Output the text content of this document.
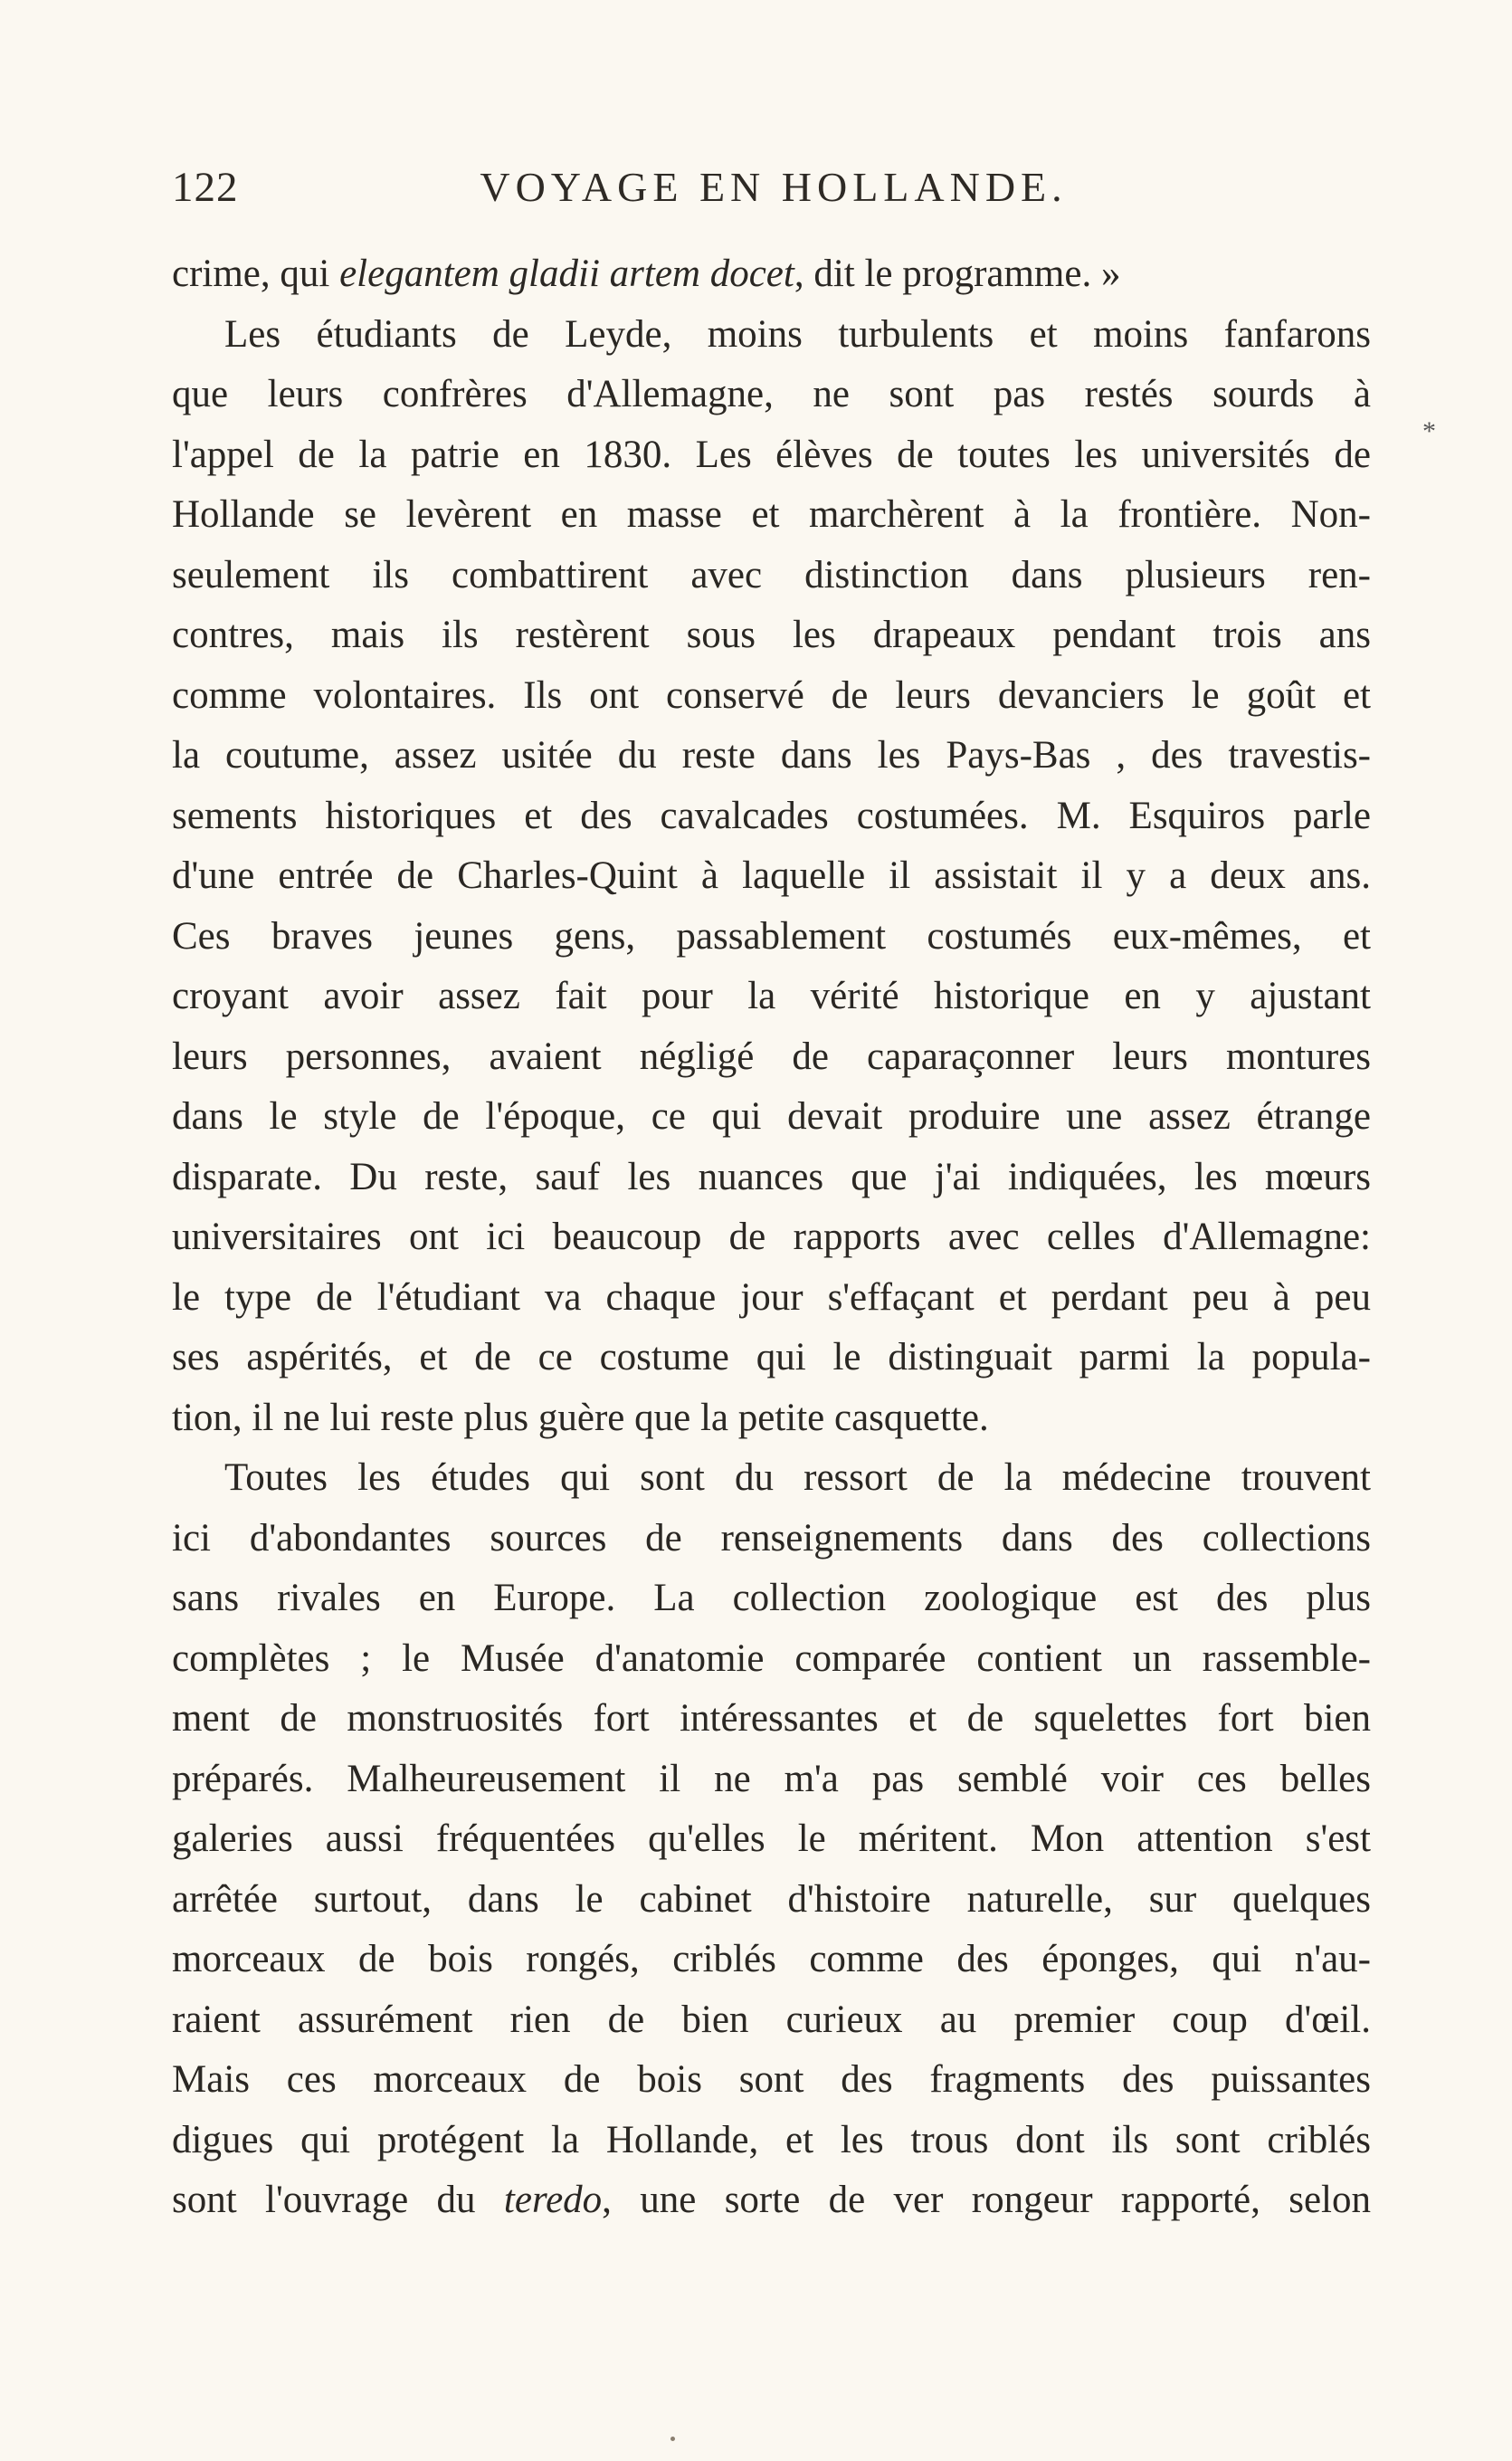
122	VOYAGE EN HOLLANDE.
*
crime, qui elegantem gladii artem docet, dit le programme. »
Les étudiants de Leyde, moins turbulents et moins fanfarons
que leurs confrères d'Allemagne, ne sont pas restés sourds à
l'appel de la patrie en 1830. Les élèves de toutes les universités de
Hollande se levèrent en masse et marchèrent à la frontière. Non-
seulement ils combattirent avec distinction dans plusieurs ren-
contres, mais ils restèrent sous les drapeaux pendant trois ans
comme volontaires. Ils ont conservé de leurs devanciers le goût et
la coutume, assez usitée du reste dans les Pays-Bas , des travestis-
sements historiques et des cavalcades costumées. M. Esquiros parle
d'une entrée de Charles-Quint à laquelle il assistait il y a deux ans.
Ces braves jeunes gens, passablement costumés eux-mêmes, et
croyant avoir assez fait pour la vérité historique en y ajustant
leurs personnes, avaient négligé de caparaçonner leurs montures
dans le style de l'époque, ce qui devait produire une assez étrange
disparate. Du reste, sauf les nuances que j'ai indiquées, les mœurs
universitaires ont ici beaucoup de rapports avec celles d'Allemagne:
le type de l'étudiant va chaque jour s'effaçant et perdant peu à peu
ses aspérités, et de ce costume qui le distinguait parmi la popula-
tion, il ne lui reste plus guère que la petite casquette.
Toutes les études qui sont du ressort de la médecine trouvent
ici d'abondantes sources de renseignements dans des collections
sans rivales en Europe. La collection zoologique est des plus
complètes ; le Musée d'anatomie comparée contient un rassemble-
ment de monstruosités fort intéressantes et de squelettes fort bien
préparés. Malheureusement il ne m'a pas semblé voir ces belles
galeries aussi fréquentées qu'elles le méritent. Mon attention s'est
arrêtée surtout, dans le cabinet d'histoire naturelle, sur quelques
morceaux de bois rongés, criblés comme des éponges, qui n'au-
raient assurément rien de bien curieux au premier coup d'œil.
Mais ces morceaux de bois sont des fragments des puissantes
digues qui protégent la Hollande, et les trous dont ils sont criblés
sont l'ouvrage du teredo, une sorte de ver rongeur rapporté, selon
